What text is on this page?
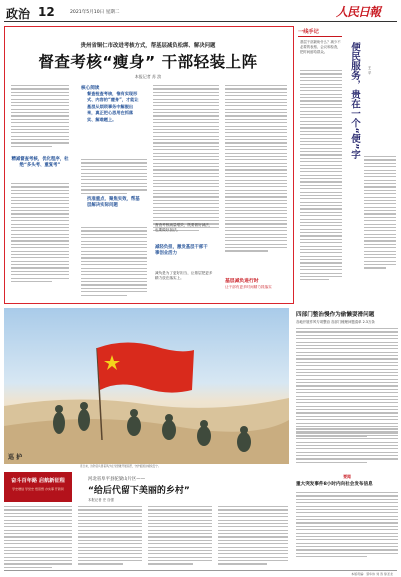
政治 12	2021年5月10日 星期二	人民日報
贵州省铜仁市改进考核方式，帮基层减负松绑、解决问题
督查考核“瘦身” 干部轻装上阵
本报记者 苏 滨
精减督查考核，优化程序，杜绝“多头考、重复考”
核心阅读
督查检查考核，惟有实现形式、内容的“瘦身”，才能让基层从烦琐事务中解脱出来，真正把心思用在抓落实、解难题上。
找准重点、聚焦实效，帮基层解决实际问题
减轻负担，激发基层干部干事创业活力
督查考核减量增效，既要做好减法，也要做好加法。
减负是为了更好担当，让基层把更多精力放在落实上。
基层减负进行时
让干部有更多时间精力抓落实
一线手记
基层干部最盼什么？减少不必要的表格、会议和检查，把时间留给群众。	便民服务，贵在一个“便”字 王 平
巡 护
连日来，边防官兵冒着风沙在戈壁滩开展巡逻，守护祖国边境线安宁。
四部门整治慢作为偷懒耍滑问题
各地开展作风专项整治 各部门梳理问题清单 2.3万条
奋斗百年路 启航新征程
学史增信 学党史 悟思想 办实事 开新局
河北省阜平县驼梁山片区——
“给后代留下美丽的乡村”
本报记者 史 自强
要闻
重大突发事件8小时内向社会发布信息
本版责编：蔡华伟 刘 涛 徐圣龙
